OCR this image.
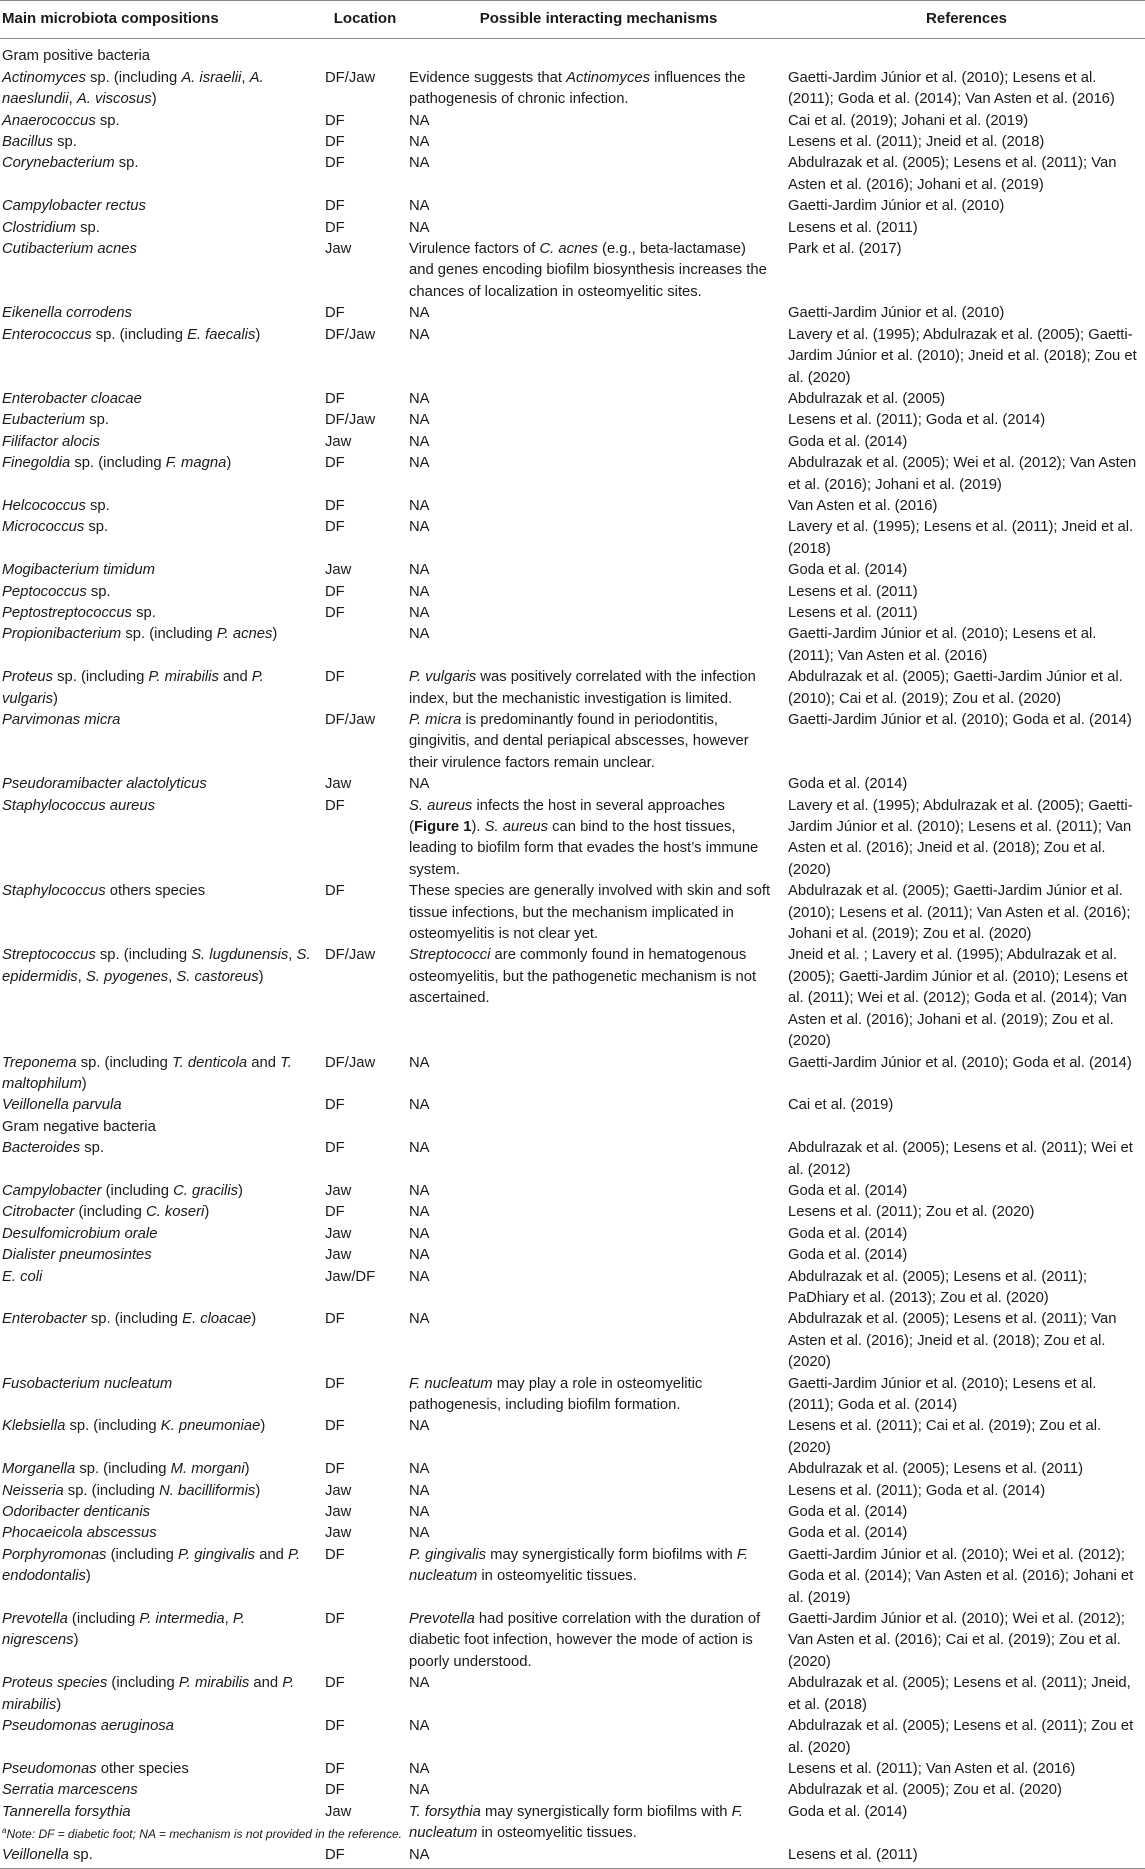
Main microbiota compositions	Location	Possible interacting mechanisms	References
Gram positive bacteria			
Actinomyces sp. (including A. israelii, A. naeslundii, A. viscosus)	DF/Jaw	Evidence suggests that Actinomyces influences the pathogenesis of chronic infection.	Gaetti-Jardim Júnior et al. (2010); Lesens et al. (2011); Goda et al. (2014); Van Asten et al. (2016)
Anaerococcus sp.	DF	NA	Cai et al. (2019); Johani et al. (2019)
Bacillus sp.	DF	NA	Lesens et al. (2011); Jneid et al. (2018)
Corynebacterium sp.	DF	NA	Abdulrazak et al. (2005); Lesens et al. (2011); Van Asten et al. (2016); Johani et al. (2019)
Campylobacter rectus	DF	NA	Gaetti-Jardim Júnior et al. (2010)
Clostridium sp.	DF	NA	Lesens et al. (2011)
Cutibacterium acnes	Jaw	Virulence factors of C. acnes (e.g., beta-lactamase) and genes encoding biofilm biosynthesis increases the chances of localization in osteomyelitic sites.	Park et al. (2017)
Eikenella corrodens	DF	NA	Gaetti-Jardim Júnior et al. (2010)
Enterococcus sp. (including E. faecalis)	DF/Jaw	NA	Lavery et al. (1995); Abdulrazak et al. (2005); Gaetti-Jardim Júnior et al. (2010); Jneid et al. (2018); Zou et al. (2020)
Enterobacter cloacae	DF	NA	Abdulrazak et al. (2005)
Eubacterium sp.	DF/Jaw	NA	Lesens et al. (2011); Goda et al. (2014)
Filifactor alocis	Jaw	NA	Goda et al. (2014)
Finegoldia sp. (including F. magna)	DF	NA	Abdulrazak et al. (2005); Wei et al. (2012); Van Asten et al. (2016); Johani et al. (2019)
Helcococcus sp.	DF	NA	Van Asten et al. (2016)
Micrococcus sp.	DF	NA	Lavery et al. (1995); Lesens et al. (2011); Jneid et al. (2018)
Mogibacterium timidum	Jaw	NA	Goda et al. (2014)
Peptococcus sp.	DF	NA	Lesens et al. (2011)
Peptostreptococcus sp.	DF	NA	Lesens et al. (2011)
Propionibacterium sp. (including P. acnes)		NA	Gaetti-Jardim Júnior et al. (2010); Lesens et al. (2011); Van Asten et al. (2016)
Proteus sp. (including P. mirabilis and P. vulgaris)	DF	P. vulgaris was positively correlated with the infection index, but the mechanistic investigation is limited.	Abdulrazak et al. (2005); Gaetti-Jardim Júnior et al. (2010); Cai et al. (2019); Zou et al. (2020)
Parvimonas micra	DF/Jaw	P. micra is predominantly found in periodontitis, gingivitis, and dental periapical abscesses, however their virulence factors remain unclear.	Gaetti-Jardim Júnior et al. (2010); Goda et al. (2014)
Pseudoramibacter alactolyticus	Jaw	NA	Goda et al. (2014)
Staphylococcus aureus	DF	S. aureus infects the host in several approaches (Figure 1). S. aureus can bind to the host tissues, leading to biofilm form that evades the host’s immune system.	Lavery et al. (1995); Abdulrazak et al. (2005); Gaetti-Jardim Júnior et al. (2010); Lesens et al. (2011); Van Asten et al. (2016); Jneid et al. (2018); Zou et al. (2020)
Staphylococcus others species	DF	These species are generally involved with skin and soft tissue infections, but the mechanism implicated in osteomyelitis is not clear yet.	Abdulrazak et al. (2005); Gaetti-Jardim Júnior et al. (2010); Lesens et al. (2011); Van Asten et al. (2016); Johani et al. (2019); Zou et al. (2020)
Streptococcus sp. (including S. lugdunensis, S. epidermidis, S. pyogenes, S. castoreus)	DF/Jaw	Streptococci are commonly found in hematogenous osteomyelitis, but the pathogenetic mechanism is not ascertained.	Jneid et al. ; Lavery et al. (1995); Abdulrazak et al. (2005); Gaetti-Jardim Júnior et al. (2010); Lesens et al. (2011); Wei et al. (2012); Goda et al. (2014); Van Asten et al. (2016); Johani et al. (2019); Zou et al. (2020)
Treponema sp. (including T. denticola and T. maltophilum)	DF/Jaw	NA	Gaetti-Jardim Júnior et al. (2010); Goda et al. (2014)
Veillonella parvula	DF	NA	Cai et al. (2019)
Gram negative bacteria			
Bacteroides sp.	DF	NA	Abdulrazak et al. (2005); Lesens et al. (2011); Wei et al. (2012)
Campylobacter (including C. gracilis)	Jaw	NA	Goda et al. (2014)
Citrobacter (including C. koseri)	DF	NA	Lesens et al. (2011); Zou et al. (2020)
Desulfomicrobium orale	Jaw	NA	Goda et al. (2014)
Dialister pneumosintes	Jaw	NA	Goda et al. (2014)
E. coli	Jaw/DF	NA	Abdulrazak et al. (2005); Lesens et al. (2011); PaDhiary et al. (2013); Zou et al. (2020)
Enterobacter sp. (including E. cloacae)	DF	NA	Abdulrazak et al. (2005); Lesens et al. (2011); Van Asten et al. (2016); Jneid et al. (2018); Zou et al. (2020)
Fusobacterium nucleatum	DF	F. nucleatum may play a role in osteomyelitic pathogenesis, including biofilm formation.	Gaetti-Jardim Júnior et al. (2010); Lesens et al. (2011); Goda et al. (2014)
Klebsiella sp. (including K. pneumoniae)	DF	NA	Lesens et al. (2011); Cai et al. (2019); Zou et al. (2020)
Morganella sp. (including M. morgani)	DF	NA	Abdulrazak et al. (2005); Lesens et al. (2011)
Neisseria sp. (including N. bacilliformis)	Jaw	NA	Lesens et al. (2011); Goda et al. (2014)
Odoribacter denticanis	Jaw	NA	Goda et al. (2014)
Phocaeicola abscessus	Jaw	NA	Goda et al. (2014)
Porphyromonas (including P. gingivalis and P. endodontalis)	DF	P. gingivalis may synergistically form biofilms with F. nucleatum in osteomyelitic tissues.	Gaetti-Jardim Júnior et al. (2010); Wei et al. (2012); Goda et al. (2014); Van Asten et al. (2016); Johani et al. (2019)
Prevotella (including P. intermedia, P. nigrescens)	DF	Prevotella had positive correlation with the duration of diabetic foot infection, however the mode of action is poorly understood.	Gaetti-Jardim Júnior et al. (2010); Wei et al. (2012); Van Asten et al. (2016); Cai et al. (2019); Zou et al. (2020)
Proteus species (including P. mirabilis and P. mirabilis)	DF	NA	Abdulrazak et al. (2005); Lesens et al. (2011); Jneid, et al. (2018)
Pseudomonas aeruginosa	DF	NA	Abdulrazak et al. (2005); Lesens et al. (2011); Zou et al. (2020)
Pseudomonas other species	DF	NA	Lesens et al. (2011); Van Asten et al. (2016)
Serratia marcescens	DF	NA	Abdulrazak et al. (2005); Zou et al. (2020)
Tannerella forsythia	Jaw	T. forsythia may synergistically form biofilms with F. nucleatum in osteomyelitic tissues.	Goda et al. (2014)
Veillonella sp.	DF	NA	Lesens et al. (2011)
$^a$Note: DF = diabetic foot; NA = mechanism is not provided in the reference.
